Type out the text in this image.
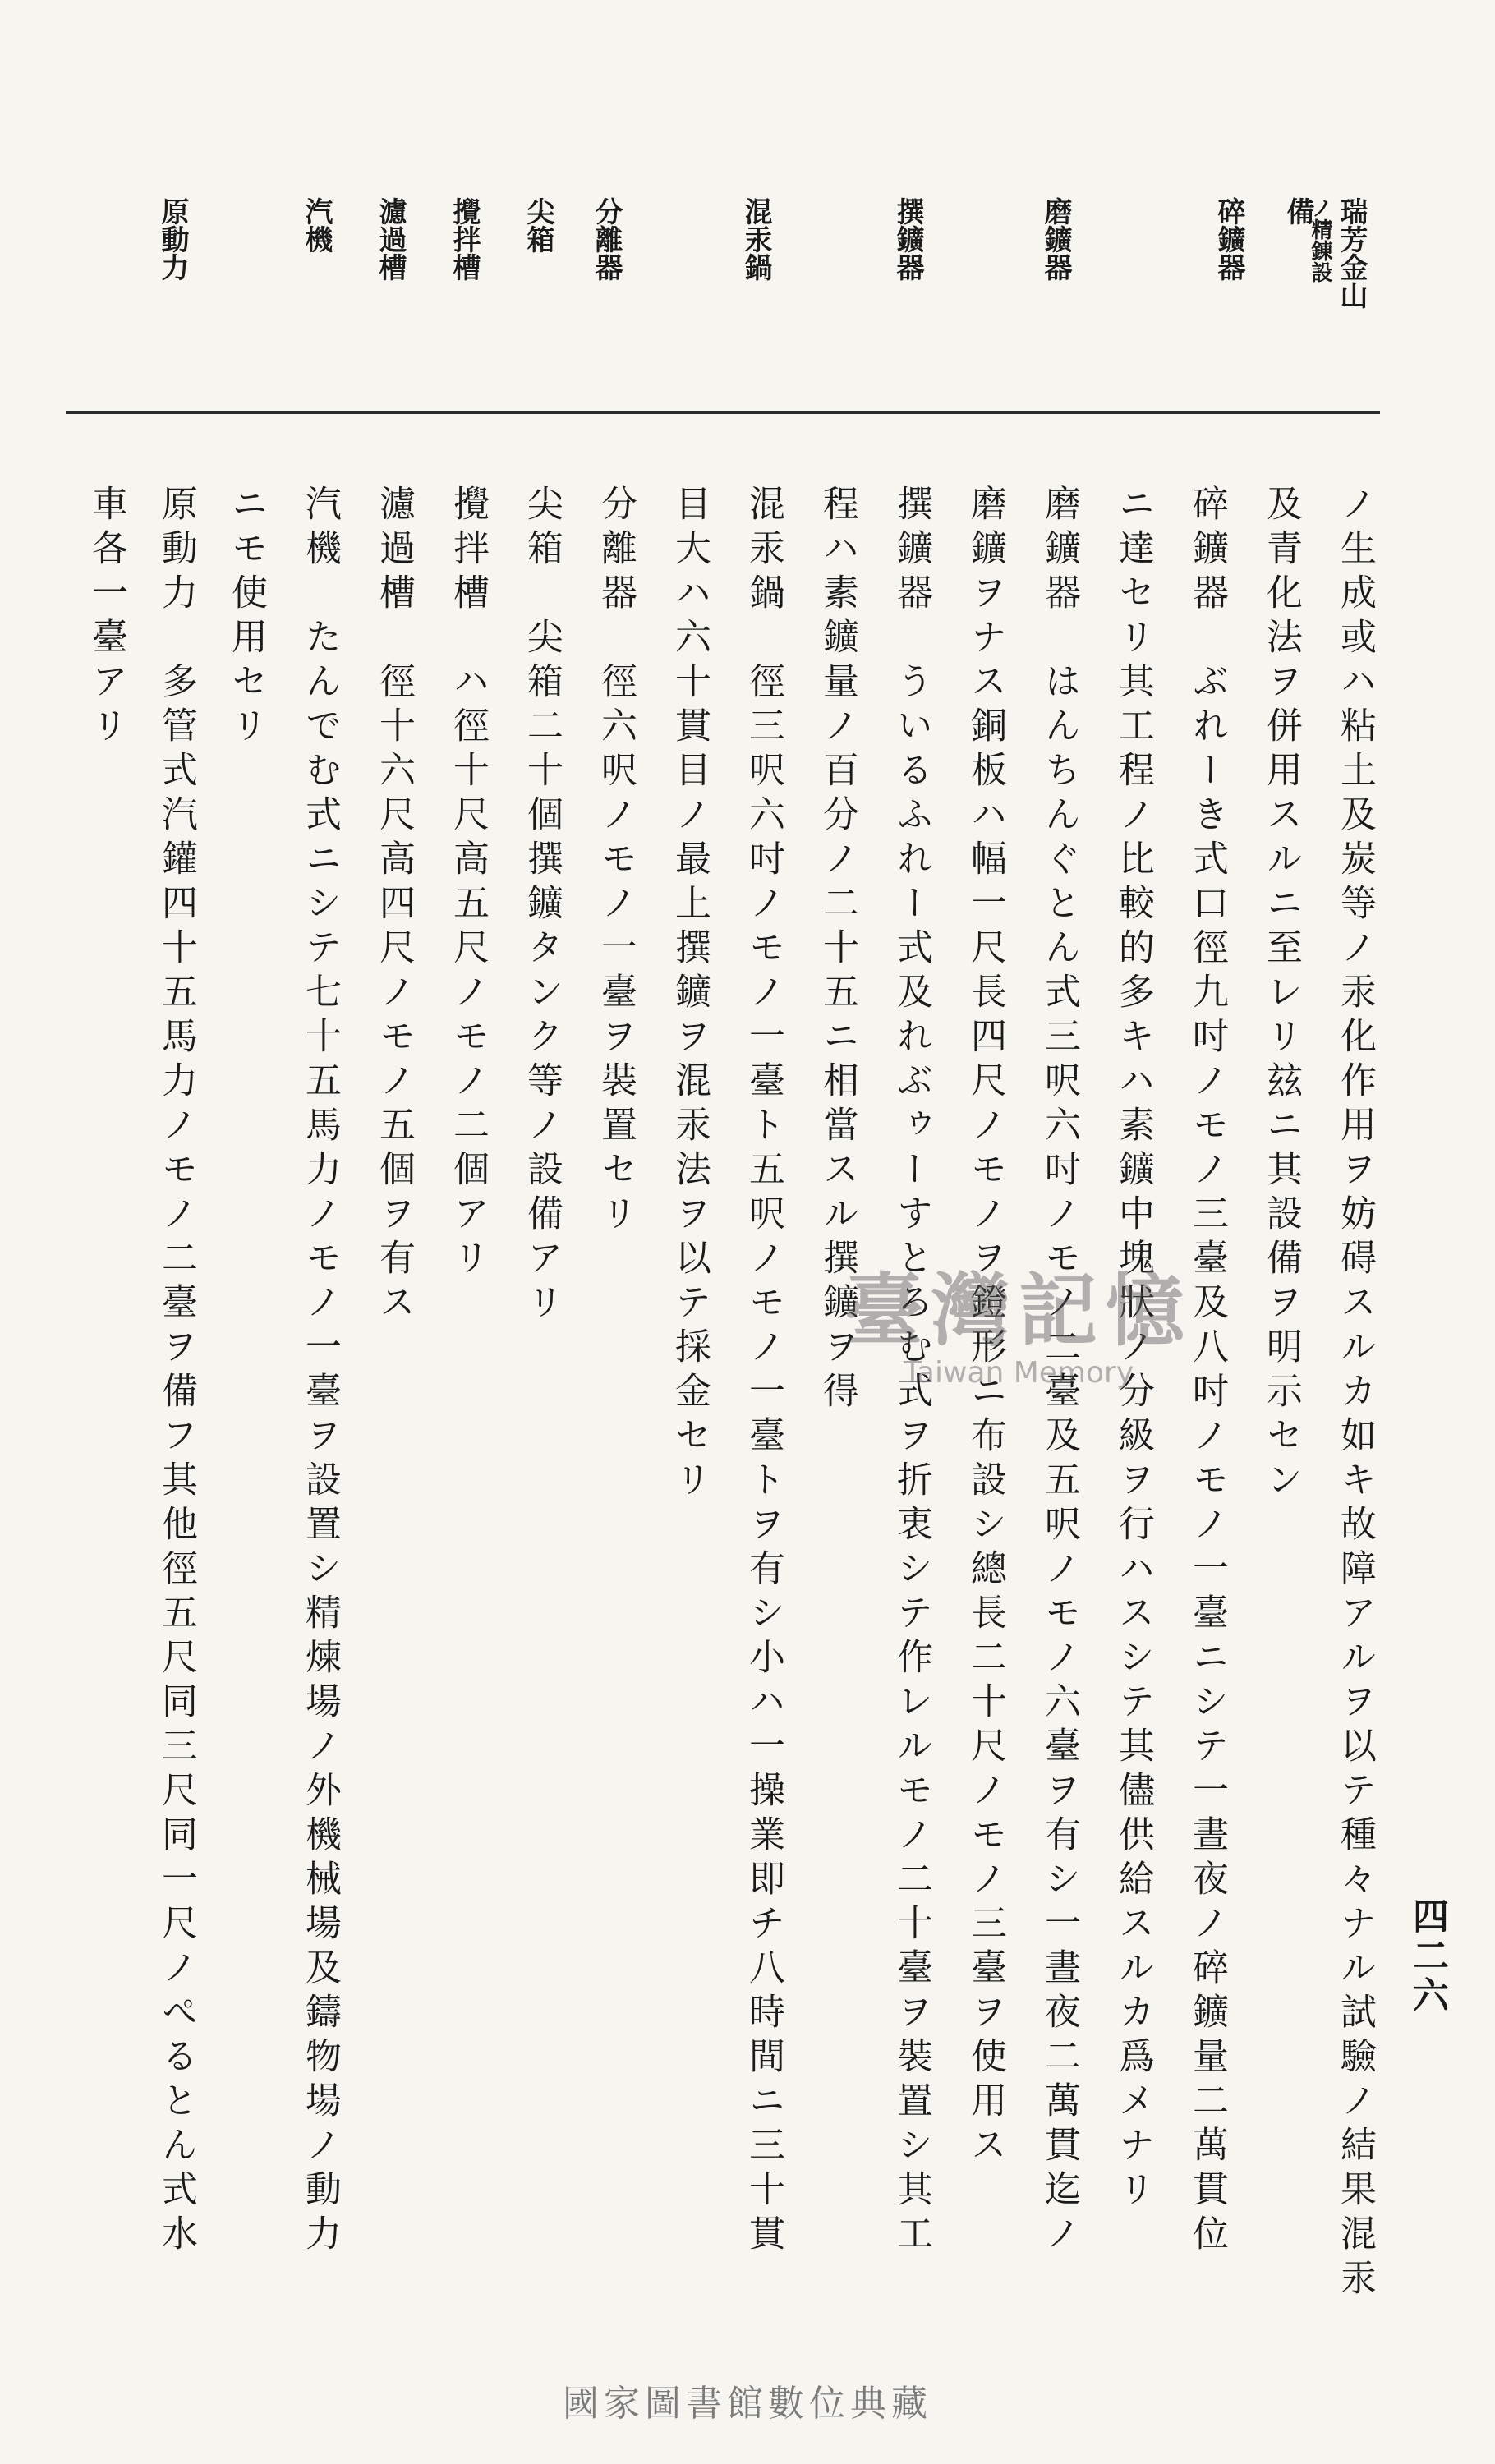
四二六
瑞芳金山
ノ精錬設
備
碎鑛器
磨鑛器
撰鑛器
混汞鍋
分離器
尖箱
攪拌槽
濾過槽
汽機
原動力
ノ生成或ハ粘土及炭等ノ汞化作用ヲ妨碍スルカ如キ故障アルヲ以テ種々ナル試驗ノ結果混汞
及青化法ヲ併用スルニ至レリ玆ニ其設備ヲ明示セン
碎鑛器　ぶれーき式口徑九吋ノモノ三臺及八吋ノモノ一臺ニシテ一晝夜ノ碎鑛量二萬貫位
ニ達セリ其工程ノ比較的多キハ素鑛中塊狀ノ分級ヲ行ハスシテ其儘供給スルカ爲メナリ
磨鑛器　はんちんぐとん式三呎六吋ノモノ二臺及五呎ノモノ六臺ヲ有シ一晝夜二萬貫迄ノ
磨鑛ヲナス銅板ハ幅一尺長四尺ノモノヲ鐙形ニ布設シ總長二十尺ノモノ三臺ヲ使用ス
撰鑛器　ういるふれー式及れぶゥーすとろむ式ヲ折衷シテ作レルモノ二十臺ヲ裝置シ其工
程ハ素鑛量ノ百分ノ二十五ニ相當スル撰鑛ヲ得
混汞鍋　徑三呎六吋ノモノ一臺ト五呎ノモノ一臺トヲ有シ小ハ一操業即チ八時間ニ三十貫
目大ハ六十貫目ノ最上撰鑛ヲ混汞法ヲ以テ採金セリ
分離器　徑六呎ノモノ一臺ヲ裝置セリ
尖箱　尖箱二十個撰鑛タンク等ノ設備アリ
攪拌槽　ハ徑十尺高五尺ノモノ二個アリ
濾過槽　徑十六尺高四尺ノモノ五個ヲ有ス
汽機　たんでむ式ニシテ七十五馬力ノモノ一臺ヲ設置シ精煉場ノ外機械場及鑄物場ノ動力
ニモ使用セリ
原動力　多管式汽鑵四十五馬力ノモノ二臺ヲ備フ其他徑五尺同三尺同一尺ノぺるとん式水
車各一臺アリ
臺灣記憶
Taiwan Memory
國家圖書館數位典藏
